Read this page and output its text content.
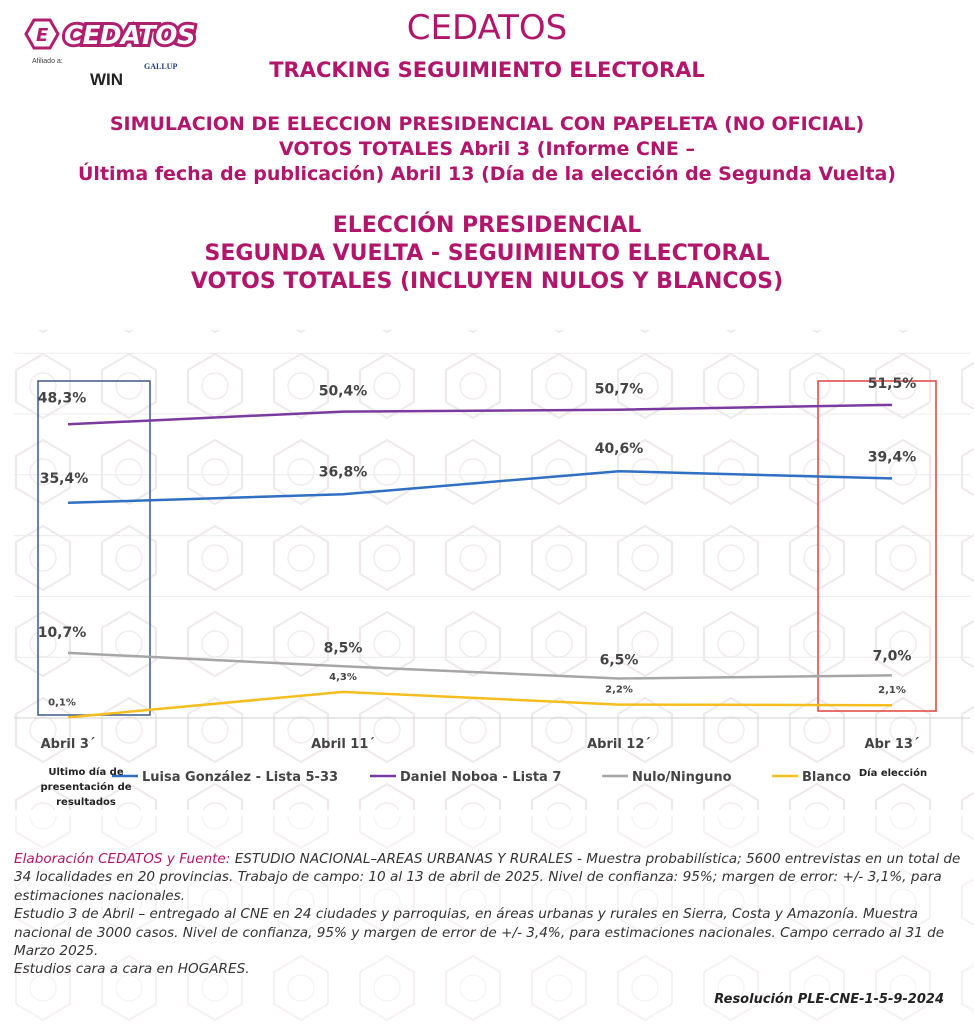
E CEDATOS
Afiliado a:
WIN
GALLUP
CEDATOS
TRACKING SEGUIMIENTO ELECTORAL
SIMULACION DE ELECCION PRESIDENCIAL CON PAPELETA (NO OFICIAL)
VOTOS TOTALES Abril 3 (Informe CNE –
Última fecha de publicación) Abril 13 (Día de la elección de Segunda Vuelta)
ELECCIÓN PRESIDENCIAL
SEGUNDA VUELTA - SEGUIMIENTO ELECTORAL
VOTOS TOTALES (INCLUYEN NULOS Y BLANCOS)
35,4%	36,8%
40,6%
39,4%
48,3%	50,4%	50,7%	51,5%
10,7%
8,5%
6,5%	7,0%
0,1%
4,3%
2,2%	2,1%
Abril 3´	Abril 11´	Abril 12´	Abr 13´
Luisa González - Lista 5-33	Daniel Noboa - Lista 7	Nulo/Ninguno	Blanco
Ultimo día de
presentación de
resultados
Día elección

Elaboración CEDATOS y Fuente: ESTUDIO NACIONAL–AREAS URBANAS Y RURALES - Muestra probabilística; 5600 entrevistas en un total de 34 localidades en 20 provincias. Trabajo de campo: 10 al 13 de abril de 2025. Nivel de confianza: 95%; margen de error: +/- 3,1%, para estimaciones nacionales.

Estudio 3 de Abril – entregado al CNE en 24 ciudades y parroquias, en áreas urbanas y rurales en Sierra, Costa y Amazonía. Muestra nacional de 3000 casos. Nivel de confianza, 95% y margen de error de +/- 3,4%, para estimaciones nacionales. Campo cerrado al 31 de Marzo 2025.

Estudios cara a cara en HOGARES.

Resolución PLE-CNE-1-5-9-2024
